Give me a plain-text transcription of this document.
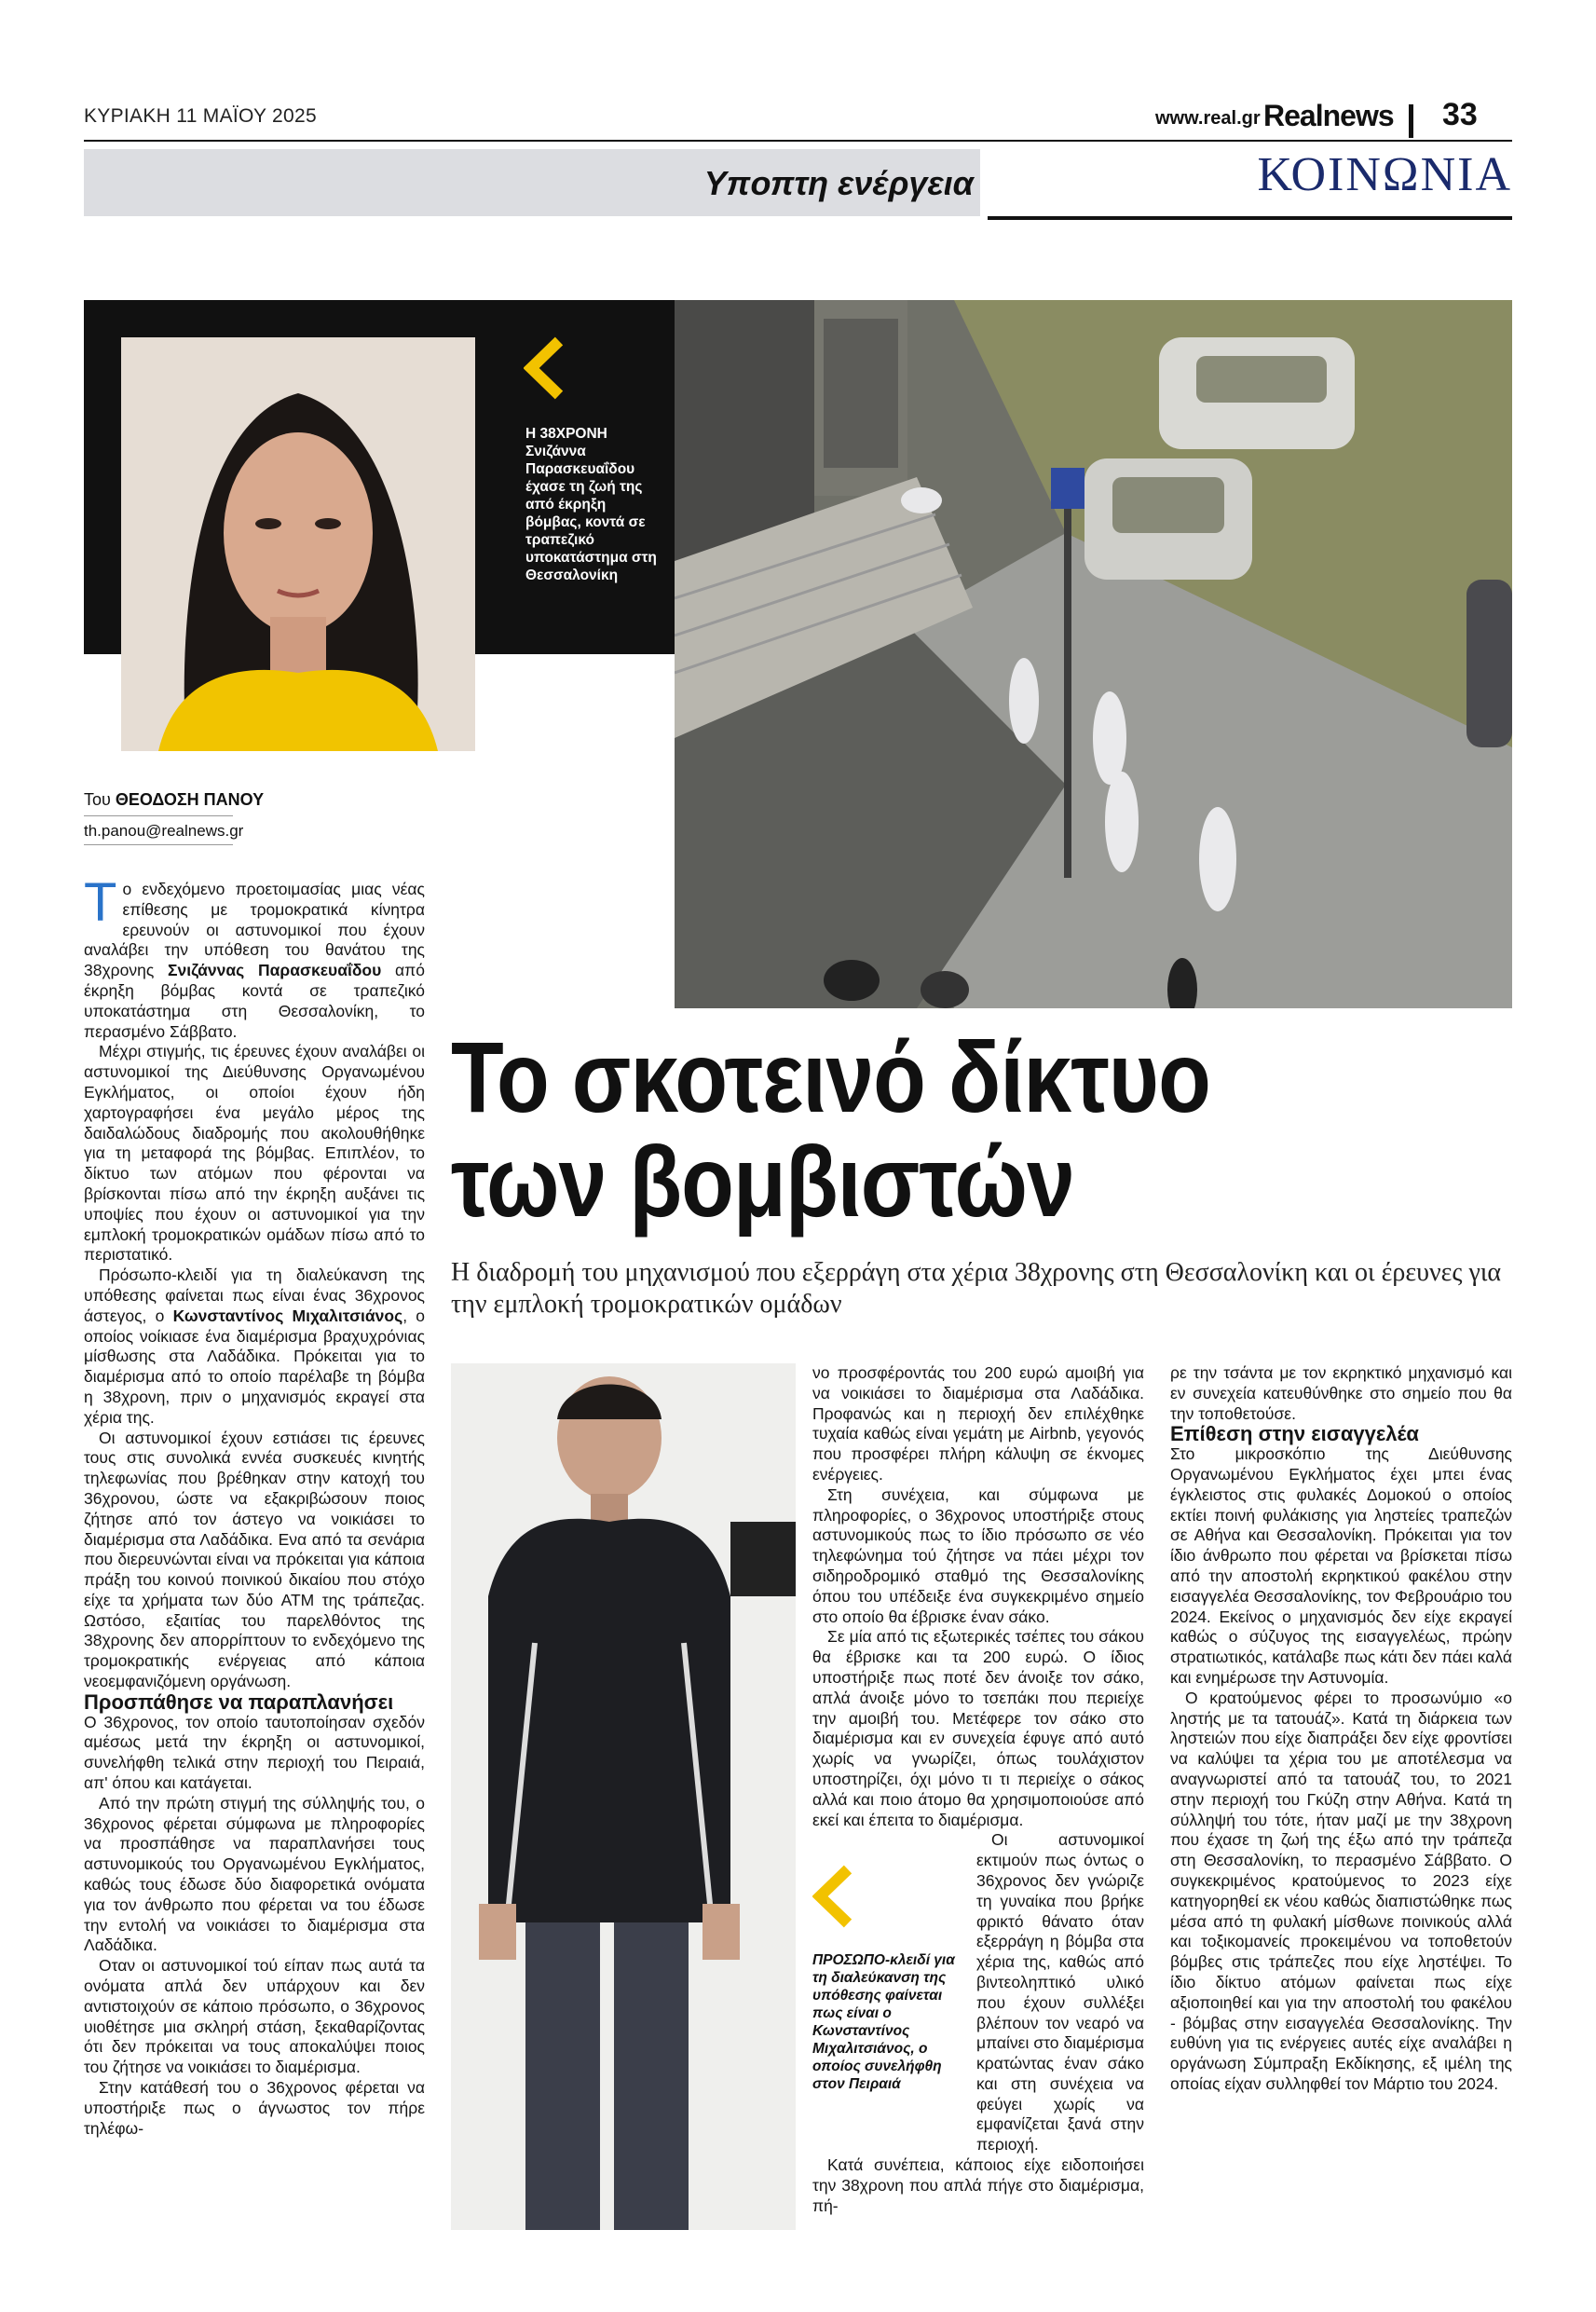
ΚΥΡΙΑΚΗ 11 ΜΑΪΟΥ 2025	www.real.gr Realnews 33
Υποπτη ενέργεια	ΚΟΙΝΩΝΙΑ
Η 38ΧΡΟΝΗ Σνιζάννα Παρασκευαΐδου έχασε τη ζωή της από έκρηξη βόμβας, κοντά σε τραπεζικό υποκατάστημα στη Θεσσαλονίκη
Του ΘΕΟΔΟΣΗ ΠΑΝΟΥ
th.panou@realnews.gr

Το ενδεχόμενο προετοιμασίας μιας νέας επίθεσης με τρομοκρατικά κίνητρα ερευνούν οι αστυνομικοί που έχουν αναλάβει την υπόθεση του θανάτου της 38χρονης Σνιζάννας Παρασκευαΐδου από έκρηξη βόμβας κοντά σε τραπεζικό υποκατάστημα στη Θεσσαλονίκη, το περασμένο Σάββατο.

Μέχρι στιγμής, τις έρευνες έχουν αναλάβει οι αστυνομικοί της Διεύθυνσης Οργανωμένου Εγκλήματος, οι οποίοι έχουν ήδη χαρτογραφήσει ένα μεγάλο μέρος της δαιδαλώδους διαδρομής που ακολουθήθηκε για τη μεταφορά της βόμβας. Επιπλέον, το δίκτυο των ατόμων που φέρονται να βρίσκονται πίσω από την έκρηξη αυξάνει τις υποψίες που έχουν οι αστυνομικοί για την εμπλοκή τρομοκρατικών ομάδων πίσω από το περιστατικό.

Πρόσωπο-κλειδί για τη διαλεύκανση της υπόθεσης φαίνεται πως είναι ένας 36χρονος άστεγος, ο Κωνσταντίνος Μιχαλιτσιάνος, ο οποίος νοίκιασε ένα διαμέρισμα βραχυχρόνιας μίσθωσης στα Λαδάδικα. Πρόκειται για το διαμέρισμα από το οποίο παρέλαβε τη βόμβα η 38χρονη, πριν ο μηχανισμός εκραγεί στα χέρια της.

Οι αστυνομικοί έχουν εστιάσει τις έρευνες τους στις συνολικά εννέα συσκευές κινητής τηλεφωνίας που βρέθηκαν στην κατοχή του 36χρονου, ώστε να εξακριβώσουν ποιος ζήτησε από τον άστεγο να νοικιάσει το διαμέρισμα στα Λαδάδικα. Ενα από τα σενάρια που διερευνώνται είναι να πρόκειται για κάποια πράξη του κοινού ποινικού δικαίου που στόχο είχε τα χρήματα των δύο ATM της τράπεζας. Ωστόσο, εξαιτίας του παρελθόντος της 38χρονης δεν απορρίπτουν το ενδεχόμενο της τρομοκρατικής ενέργειας από κάποια νεοεμφανιζόμενη οργάνωση.

Προσπάθησε να παραπλανήσει

Ο 36χρονος, τον οποίο ταυτοποίησαν σχεδόν αμέσως μετά την έκρηξη οι αστυνομικοί, συνελήφθη τελικά στην περιοχή του Πειραιά, απ' όπου και κατάγεται.

Από την πρώτη στιγμή της σύλληψής του, ο 36χρονος φέρεται σύμφωνα με πληροφορίες να προσπάθησε να παραπλανήσει τους αστυνομικούς του Οργανωμένου Εγκλήματος, καθώς τους έδωσε δύο διαφορετικά ονόματα για τον άνθρωπο που φέρεται να του έδωσε την εντολή να νοικιάσει το διαμέρισμα στα Λαδάδικα.

Οταν οι αστυνομικοί τού είπαν πως αυτά τα ονόματα απλά δεν υπάρχουν και δεν αντιστοιχούν σε κάποιο πρόσωπο, ο 36χρονος υιοθέτησε μια σκληρή στάση, ξεκαθαρίζοντας ότι δεν πρόκειται να τους αποκαλύψει ποιος του ζήτησε να νοικιάσει το διαμέρισμα.

Στην κατάθεσή του ο 36χρονος φέρεται να υποστήριξε πως ο άγνωστος τον πήρε τηλέφω-

Το σκοτεινό δίκτυο
των βομβιστών
Η διαδρομή του μηχανισμού που εξερράγη στα χέρια 38χρονης στη Θεσσαλονίκη και οι έρευνες για την εμπλοκή τρομοκρατικών ομάδων

νο προσφέροντάς του 200 ευρώ αμοιβή για να νοικιάσει το διαμέρισμα στα Λαδάδικα. Προφανώς και η περιοχή δεν επιλέχθηκε τυχαία καθώς είναι γεμάτη με Airbnb, γεγονός που προσφέρει πλήρη κάλυψη σε έκνομες ενέργειες.

Στη συνέχεια, και σύμφωνα με πληροφορίες, ο 36χρονος υποστήριξε στους αστυνομικούς πως το ίδιο πρόσωπο σε νέο τηλεφώνημα τού ζήτησε να πάει μέχρι τον σιδηροδρομικό σταθμό της Θεσσαλονίκης όπου του υπέδειξε ένα συγκεκριμένο σημείο στο οποίο θα έβρισκε έναν σάκο.

Σε μία από τις εξωτερικές τσέπες του σάκου θα έβρισκε και τα 200 ευρώ. Ο ίδιος υποστήριξε πως ποτέ δεν άνοιξε τον σάκο, απλά άνοιξε μόνο το τσεπάκι που περιείχε την αμοιβή του. Μετέφερε τον σάκο στο διαμέρισμα και εν συνεχεία έφυγε από αυτό χωρίς να γνωρίζει, όπως τουλάχιστον υποστηρίζει, όχι μόνο τι τι περιείχε ο σάκος αλλά και ποιο άτομο θα χρησιμοποιούσε από εκεί και έπειτα το διαμέρισμα.

Οι αστυνομικοί εκτιμούν πως όντως ο 36χρονος δεν γνώριζε τη γυναίκα που βρήκε φρικτό θάνατο όταν εξερράγη η βόμβα στα χέρια της, καθώς από βιντεοληπτικό υλικό που έχουν συλλέξει βλέπουν τον νεαρό να μπαίνει στο διαμέρισμα κρατώντας έναν σάκο και στη συνέχεια να φεύγει χωρίς να εμφανίζεται ξανά στην περιοχή.

Κατά συνέπεια, κάποιος είχε ειδοποιήσει την 38χρονη που απλά πήγε στο διαμέρισμα, πή-

ΠΡΟΣΩΠΟ-κλειδί για τη διαλεύκανση της υπόθεσης φαίνεται πως είναι ο Κωνσταντίνος Μιχαλιτσιάνος, ο οποίος συνελήφθη στον Πειραιά

ρε την τσάντα με τον εκρηκτικό μηχανισμό και εν συνεχεία κατευθύνθηκε στο σημείο που θα την τοποθετούσε.

Επίθεση στην εισαγγελέα

Στο μικροσκόπιο της Διεύθυνσης Οργανωμένου Εγκλήματος έχει μπει ένας έγκλειστος στις φυλακές Δομοκού ο οποίος εκτίει ποινή φυλάκισης για ληστείες τραπεζών σε Αθήνα και Θεσσαλονίκη. Πρόκειται για τον ίδιο άνθρωπο που φέρεται να βρίσκεται πίσω από την αποστολή εκρηκτικού φακέλου στην εισαγγελέα Θεσσαλονίκης, τον Φεβρουάριο του 2024. Εκείνος ο μηχανισμός δεν είχε εκραγεί καθώς ο σύζυγος της εισαγγελέως, πρώην στρατιωτικός, κατάλαβε πως κάτι δεν πάει καλά και ενημέρωσε την Αστυνομία.

Ο κρατούμενος φέρει το προσωνύμιο «ο ληστής με τα τατουάζ». Κατά τη διάρκεια των ληστειών που είχε διαπράξει δεν είχε φροντίσει να καλύψει τα χέρια του με αποτέλεσμα να αναγνωριστεί από τα τατουάζ του, το 2021 στην περιοχή του Γκύζη στην Αθήνα. Κατά τη σύλληψή του τότε, ήταν μαζί με την 38χρονη που έχασε τη ζωή της έξω από την τράπεζα στη Θεσσαλονίκη, το περασμένο Σάββατο. Ο συγκεκριμένος κρατούμενος το 2023 είχε κατηγορηθεί εκ νέου καθώς διαπιστώθηκε πως μέσα από τη φυλακή μίσθωνε ποινικούς αλλά και τοξικομανείς προκειμένου να τοποθετούν βόμβες στις τράπεζες που είχε ληστέψει. Το ίδιο δίκτυο ατόμων φαίνεται πως είχε αξιοποιηθεί και για την αποστολή του φακέλου - βόμβας στην εισαγγελέα Θεσσαλονίκης. Την ευθύνη για τις ενέργειες αυτές είχε αναλάβει η οργάνωση Σύμπραξη Εκδίκησης, εξ ιμέλη της οποίας είχαν συλληφθεί τον Μάρτιο του 2024.
